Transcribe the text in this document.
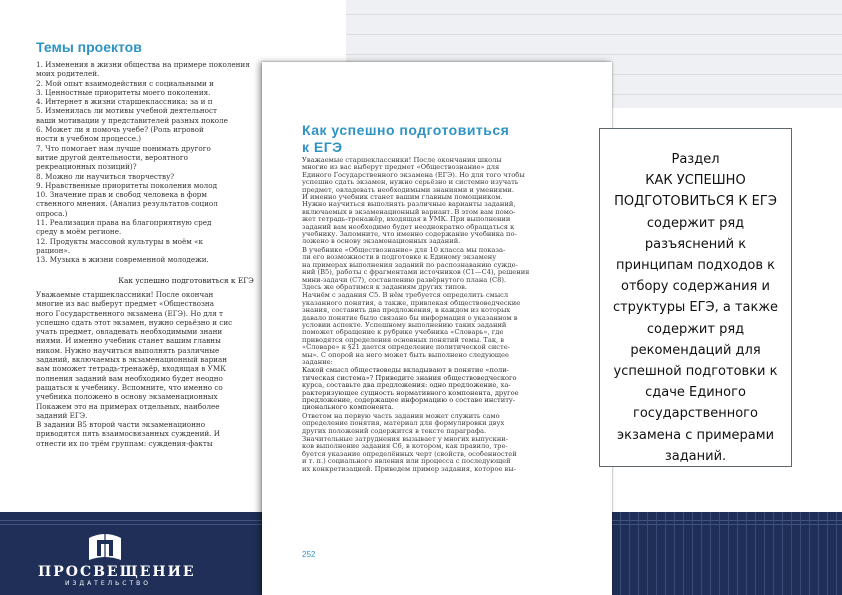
ПРОСВЕЩЕНИЕ
ИЗДАТЕЛЬСТВО
Темы проектов
1. Изменения в жизни общества на примере поколения
моих родителей.
2. Мой опыт взаимодействия с социальными и
3. Ценностные приоритеты моего поколения.
4. Интернет в жизни старшеклассника: за и п
5. Изменилась ли мотивы учебной деятельност
ваши мотивации у представителей разных поколе
6. Может ли я помочь учебе? (Роль игровой
ности в учебном процессе.)
7. Что помогает нам лучше понимать другого
витие другой деятельности, вероятного
рекреационных позиций)?
8. Можно ли научиться творчеству?
9. Нравственные приоритеты поколения молод
10. Значение прав и свобод человека в форм
ственного мнения. (Анализ результатов социол
опроса.)
11. Реализация права на благоприятную сред
среду в моём регионе.
12. Продукты массовой культуры в моём «к
рацион».
13. Музыка в жизни современной молодежи.
Как успешно подготовиться к ЕГЭ

Уважаемые старшеклассники! После окончан

многие из вас выберут предмет «Обществозна

ного Государственного экзамена (ЕГЭ). Но для т

успешно сдать этот экзамен, нужно серьёзно и сис

учать предмет, овладевать необходимыми знани

ниями. И именно учебник станет вашим главны

ником. Нужно научиться выполнять различные

заданий, включаемых в экзаменационный вариан

вам поможет тетрадь-тренажёр, входящая в УМК

полнения заданий вам необходимо будет неодно

ращаться к учебнику. Вспомните, что именно со

учебника положено в основу экзаменационных

Покажем это на примерах отдельных, наиболее

заданий ЕГЭ.

В задании В5 второй части экзаменационно

приводятся пять взаимосвязанных суждений. И

отнести их по трём группам: суждения-факты

Как успешно подготовиться
к ЕГЭ

Уважаемые старшеклассники! После окончания школы

многие из вас выберут предмет «Обществознание» для

Единого Государственного экзамена (ЕГЭ). Но для того чтобы

успешно сдать экзамен, нужно серьёзно и системно изучать

предмет, овладевать необходимыми знаниями и умениями.

И именно учебник станет вашим главным помощником.

Нужно научиться выполнять различные варианты заданий,

включаемых в экзаменационный вариант. В этом вам помо-

жет тетрадь-тренажёр, входящая в УМК. При выполнении

заданий вам необходимо будет неоднократно обращаться к

учебнику. Запомните, что именно содержание учебника по-

ложено в основу экзаменационных заданий.

В учебнике «Обществознание» для 10 класса мы показа-

ли его возможности в подготовке к Единому экзамену

на примерах выполнения заданий по распознаванию сужде-

ний (В5), работы с фрагментами источников (С1—С4), решения

мини-задачи (С7), составлению развёрнутого плана (С8).

Здесь же обратимся к заданиям других типов.

Начнём с задания С5. В нём требуется определить смысл

указанного понятия, а также, привлекая обществоведческие

знания, составить два предложения, в каждом из которых

давало понятие было связано бы информация о указанном в

условии аспекте. Успешному выполнению таких заданий

поможет обращение к рубрике учебника «Словарь», где

приводятся определения основных понятий темы. Так, в

«Словаре» к §21 дается определение политической систе-

мы». С опорой на него может быть выполнено следующее

задание:

Какой смысл обществоведы вкладывают в понятие «поли-

тическая система»? Приведите знания обществоведческого

курса, составьте два предложения: одно предложение, ха-

рактеризующее сущность нормативного компонента, другое

предложение, содержащее информацию о составе институ-

ционального компонента.

Ответом на первую часть задания может служить само

определение понятия, материал для формулировки двух

других положений содержится в тексте параграфа.

Значительные затруднения вызывает у многих выпускни-

ков выполнение задания С6, в котором, как правило, тре-

буется указание определённых черт (свойств, особенностей

и т. п.) социального явления или процесса с последующей

их конкретизацией. Приведем пример задания, которое вы-

252

Раздел
КАК УСПЕШНО
ПОДГОТОВИТЬСЯ К ЕГЭ
содержит ряд
разъяснений к
принципам подходов к
отбору содержания и
структуры ЕГЭ, а также
содержит ряд
рекомендаций для
успешной подготовки к
сдаче Единого
государственного
экзамена с примерами
заданий.
